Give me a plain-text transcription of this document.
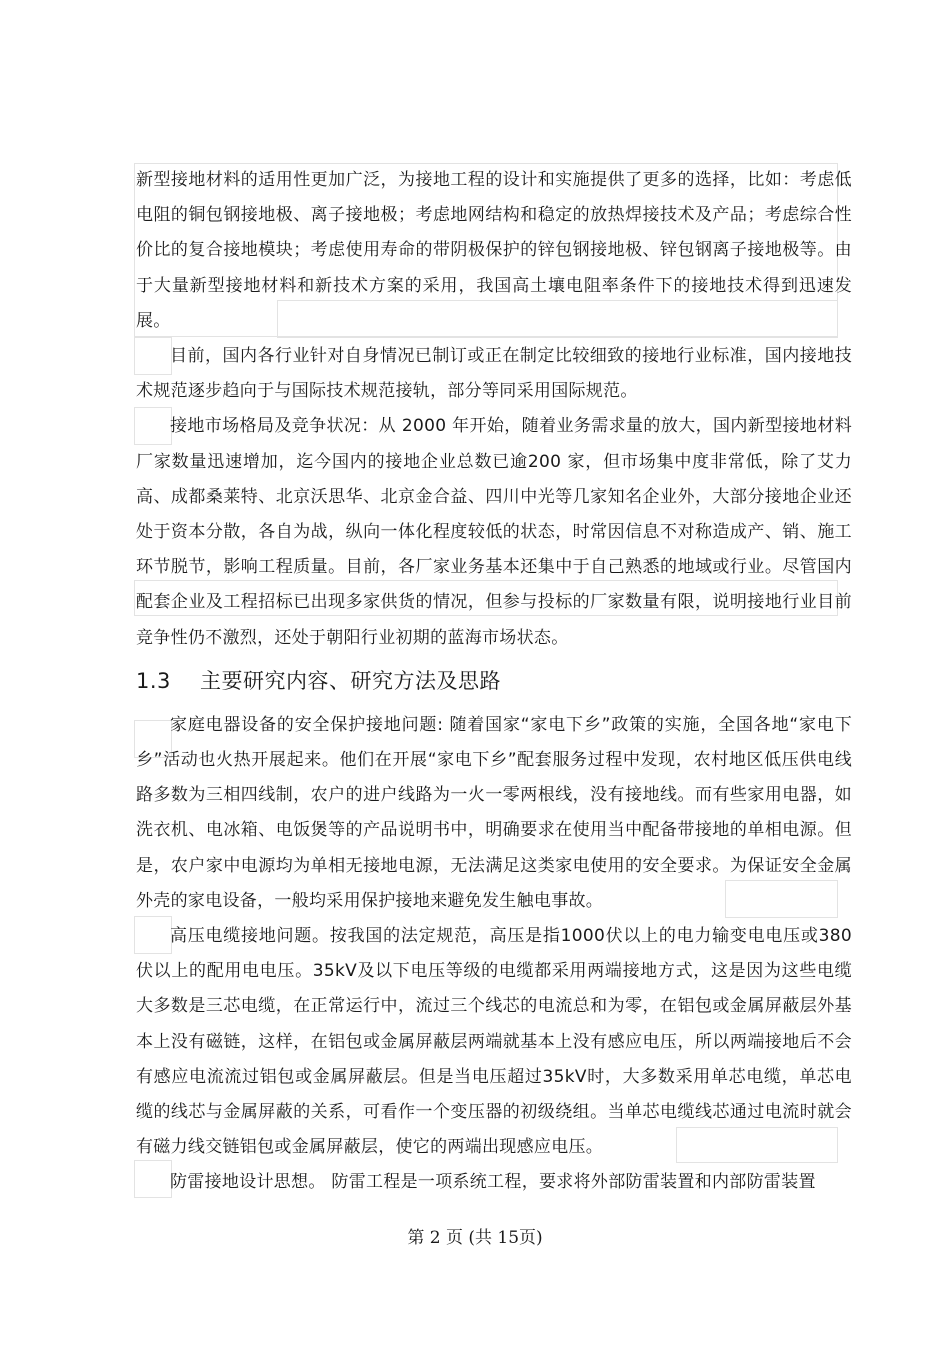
新型接地材料的适用性更加广泛，为接地工程的设计和实施提供了更多的选择，比如：考虑低电阻的铜包钢接地极、离子接地极；考虑地网结构和稳定的放热焊接技术及产品；考虑综合性价比的复合接地模块；考虑使用寿命的带阴极保护的锌包钢接地极、锌包钢离子接地极等。由于大量新型接地材料和新技术方案的采用，我国高土壤电阻率条件下的接地技术得到迅速发展。

目前，国内各行业针对自身情况已制订或正在制定比较细致的接地行业标准，国内接地技术规范逐步趋向于与国际技术规范接轨，部分等同采用国际规范。

接地市场格局及竞争状况：从 2000 年开始，随着业务需求量的放大，国内新型接地材料厂家数量迅速增加，迄今国内的接地企业总数已逾200 家，但市场集中度非常低，除了艾力高、成都桑莱特、北京沃思华、北京金合益、四川中光等几家知名企业外，大部分接地企业还处于资本分散，各自为战，纵向一体化程度较低的状态，时常因信息不对称造成产、销、施工环节脱节，影响工程质量。目前，各厂家业务基本还集中于自己熟悉的地域或行业。尽管国内配套企业及工程招标已出现多家供货的情况，但参与投标的厂家数量有限，说明接地行业目前竞争性仍不激烈，还处于朝阳行业初期的蓝海市场状态。

1.3 主要研究内容、研究方法及思路

家庭电器设备的安全保护接地问题: 随着国家“家电下乡”政策的实施，全国各地“家电下乡”活动也火热开展起来。他们在开展“家电下乡”配套服务过程中发现，农村地区低压供电线路多数为三相四线制，农户的进户线路为一火一零两根线，没有接地线。而有些家用电器，如洗衣机、电冰箱、电饭煲等的产品说明书中，明确要求在使用当中配备带接地的单相电源。但是，农户家中电源均为单相无接地电源，无法满足这类家电使用的安全要求。为保证安全金属外壳的家电设备，一般均采用保护接地来避免发生触电事故。

高压电缆接地问题。按我国的法定规范，高压是指1000伏以上的电力输变电电压或380伏以上的配用电电压。35kV及以下电压等级的电缆都采用两端接地方式，这是因为这些电缆大多数是三芯电缆，在正常运行中，流过三个线芯的电流总和为零，在铝包或金属屏蔽层外基本上没有磁链，这样，在铝包或金属屏蔽层两端就基本上没有感应电压，所以两端接地后不会有感应电流流过铝包或金属屏蔽层。但是当电压超过35kV时，大多数采用单芯电缆，单芯电缆的线芯与金属屏蔽的关系，可看作一个变压器的初级绕组。当单芯电缆线芯通过电流时就会有磁力线交链铝包或金属屏蔽层，使它的两端出现感应电压。

防雷接地设计思想。 防雷工程是一项系统工程，要求将外部防雷装置和内部防雷装置

第 2 页 (共 15页)
